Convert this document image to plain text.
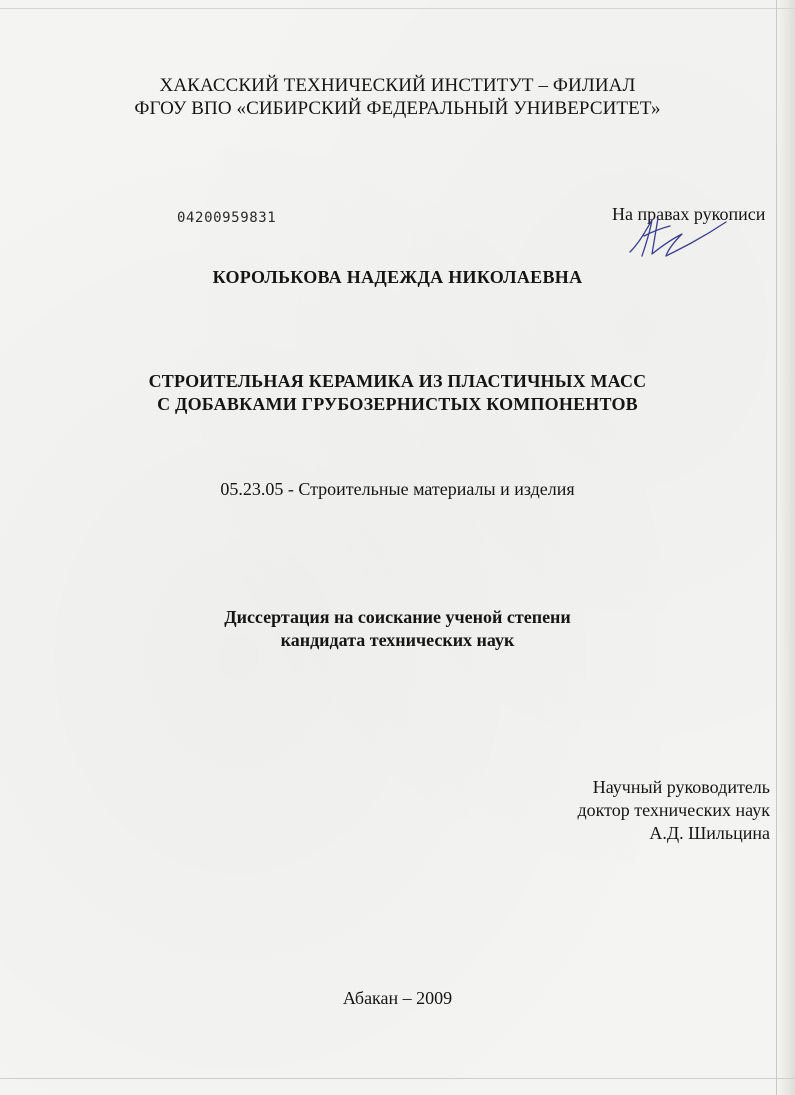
ХАКАССКИЙ ТЕХНИЧЕСКИЙ ИНСТИТУТ – ФИЛИАЛ
ФГОУ ВПО «СИБИРСКИЙ ФЕДЕРАЛЬНЫЙ УНИВЕРСИТЕТ»
04200959831	На правах рукописи
КОРОЛЬКОВА НАДЕЖДА НИКОЛАЕВНА
СТРОИТЕЛЬНАЯ КЕРАМИКА ИЗ ПЛАСТИЧНЫХ МАСС
С ДОБАВКАМИ ГРУБОЗЕРНИСТЫХ КОМПОНЕНТОВ
05.23.05 - Строительные материалы и изделия
Диссертация на соискание ученой степени
кандидата технических наук
Научный руководитель
доктор технических наук
А.Д. Шильцина
Абакан – 2009
